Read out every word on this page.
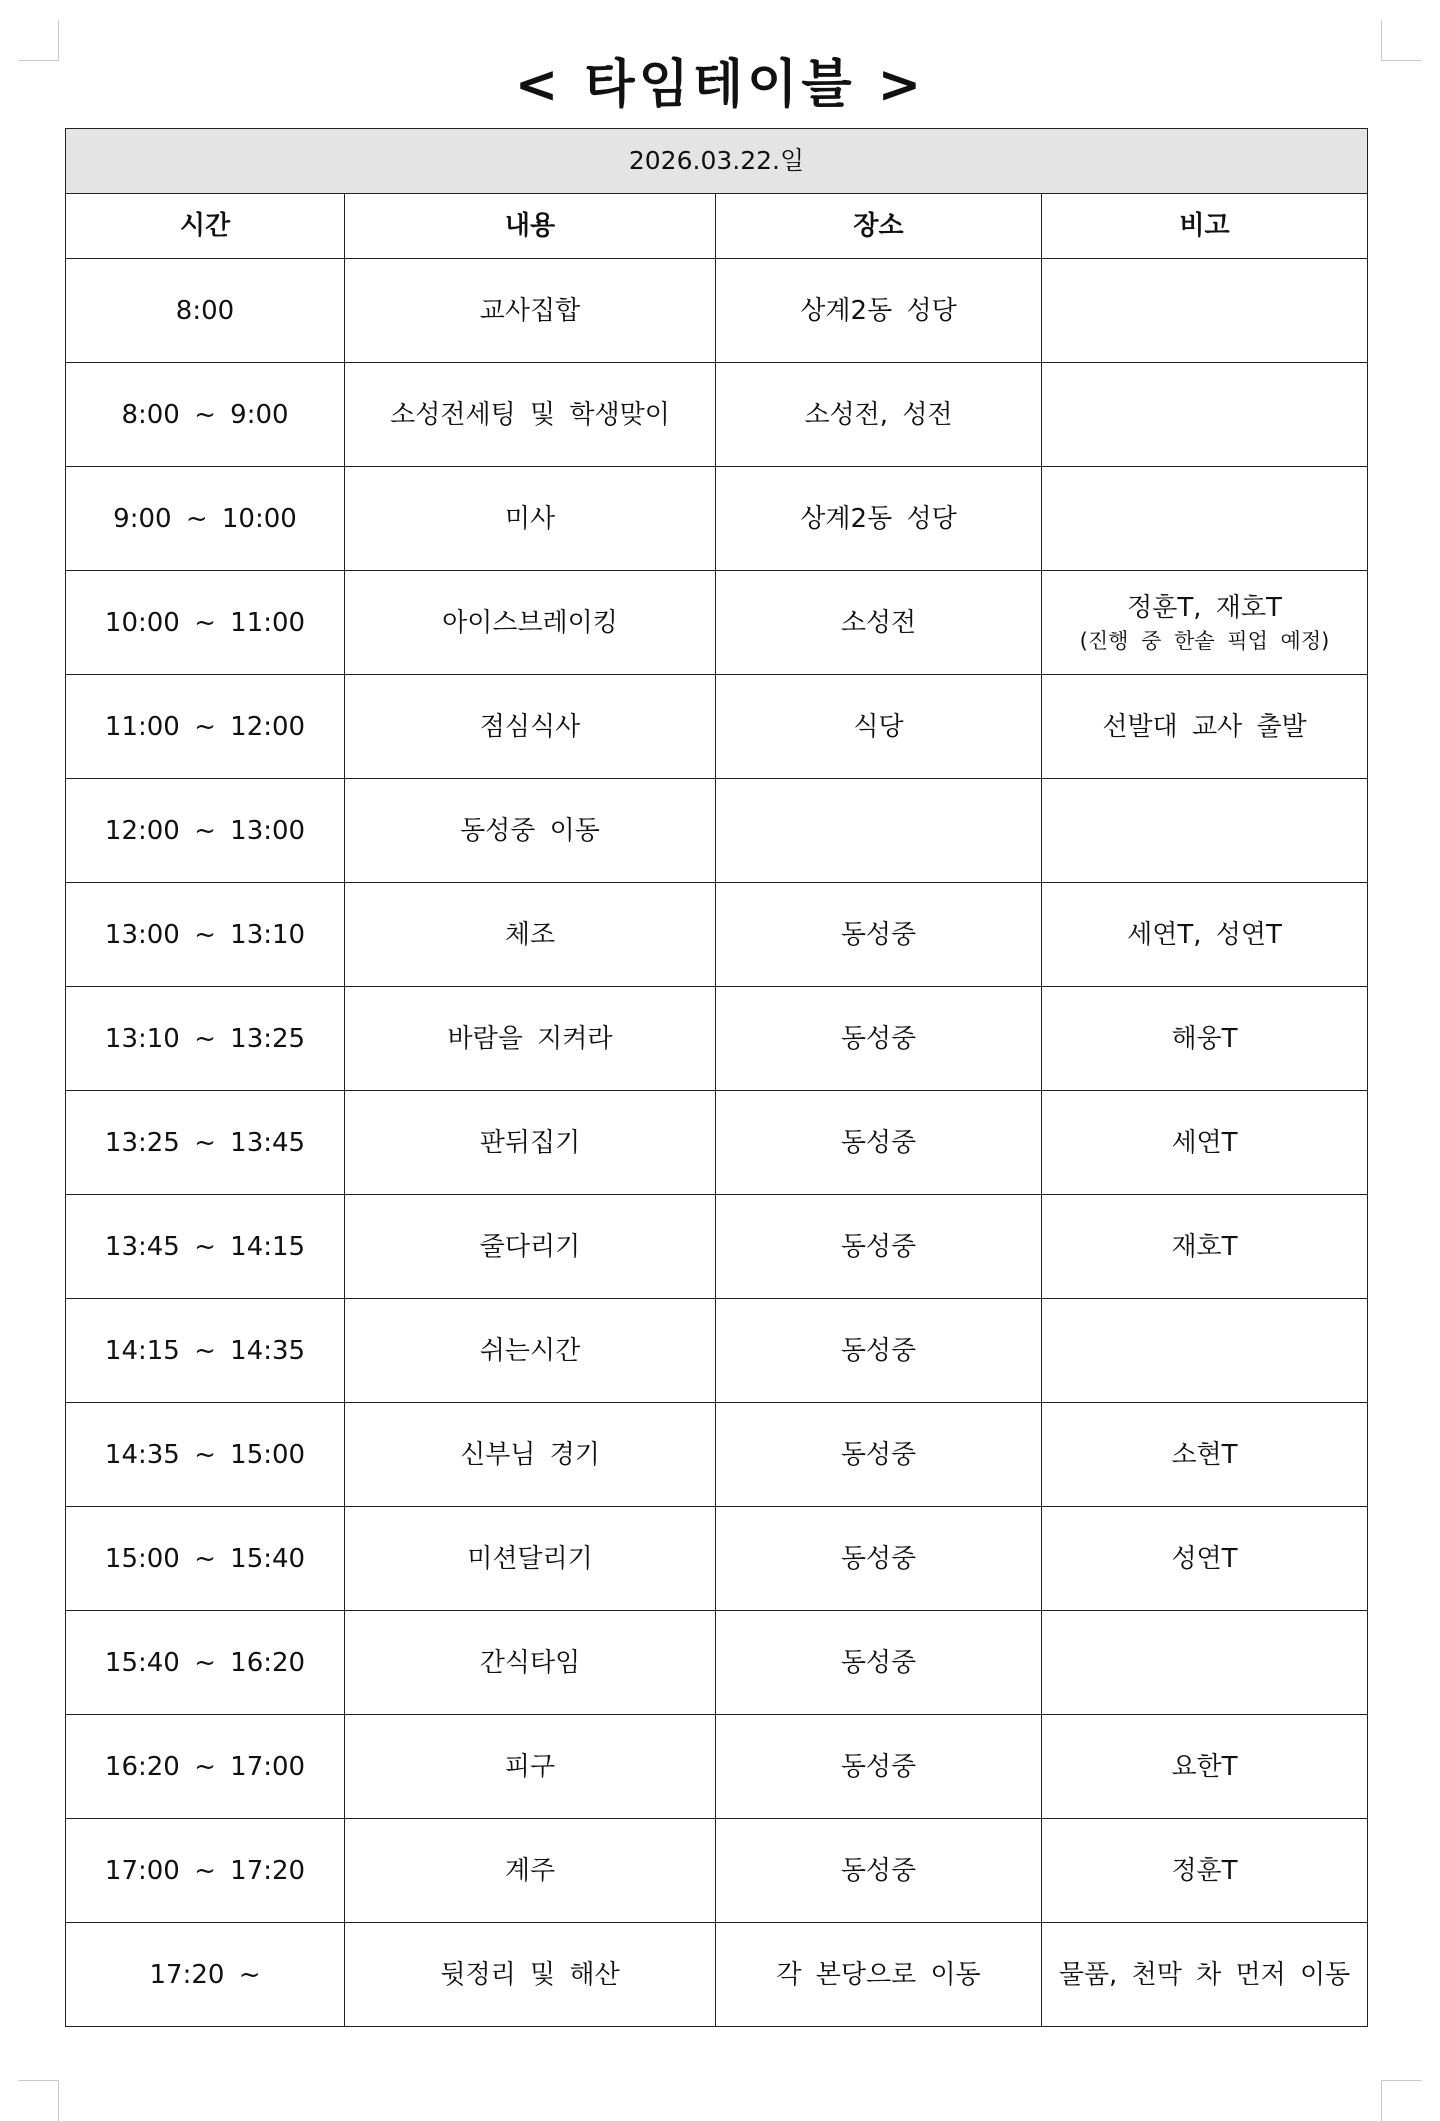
< 타임테이블 >
2026.03.22.일			
시간	내용	장소	비고
8:00	교사집합	상계2동 성당	
8:00 ~ 9:00	소성전세팅 및 학생맞이	소성전, 성전	
9:00 ~ 10:00	미사	상계2동 성당	
10:00 ~ 11:00	아이스브레이킹	소성전	정훈T, 재호T
(진행 중 한솥 픽업 예정)

11:00 ~ 12:00	점심식사	식당	선발대 교사 출발
12:00 ~ 13:00	동성중 이동		
13:00 ~ 13:10	체조	동성중	세연T, 성연T
13:10 ~ 13:25	바람을 지켜라	동성중	해웅T
13:25 ~ 13:45	판뒤집기	동성중	세연T
13:45 ~ 14:15	줄다리기	동성중	재호T
14:15 ~ 14:35	쉬는시간	동성중	
14:35 ~ 15:00	신부님 경기	동성중	소현T
15:00 ~ 15:40	미션달리기	동성중	성연T
15:40 ~ 16:20	간식타임	동성중	
16:20 ~ 17:00	피구	동성중	요한T
17:00 ~ 17:20	계주	동성중	정훈T
17:20 ~	뒷정리 및 해산	각 본당으로 이동	물품, 천막 차 먼저 이동
